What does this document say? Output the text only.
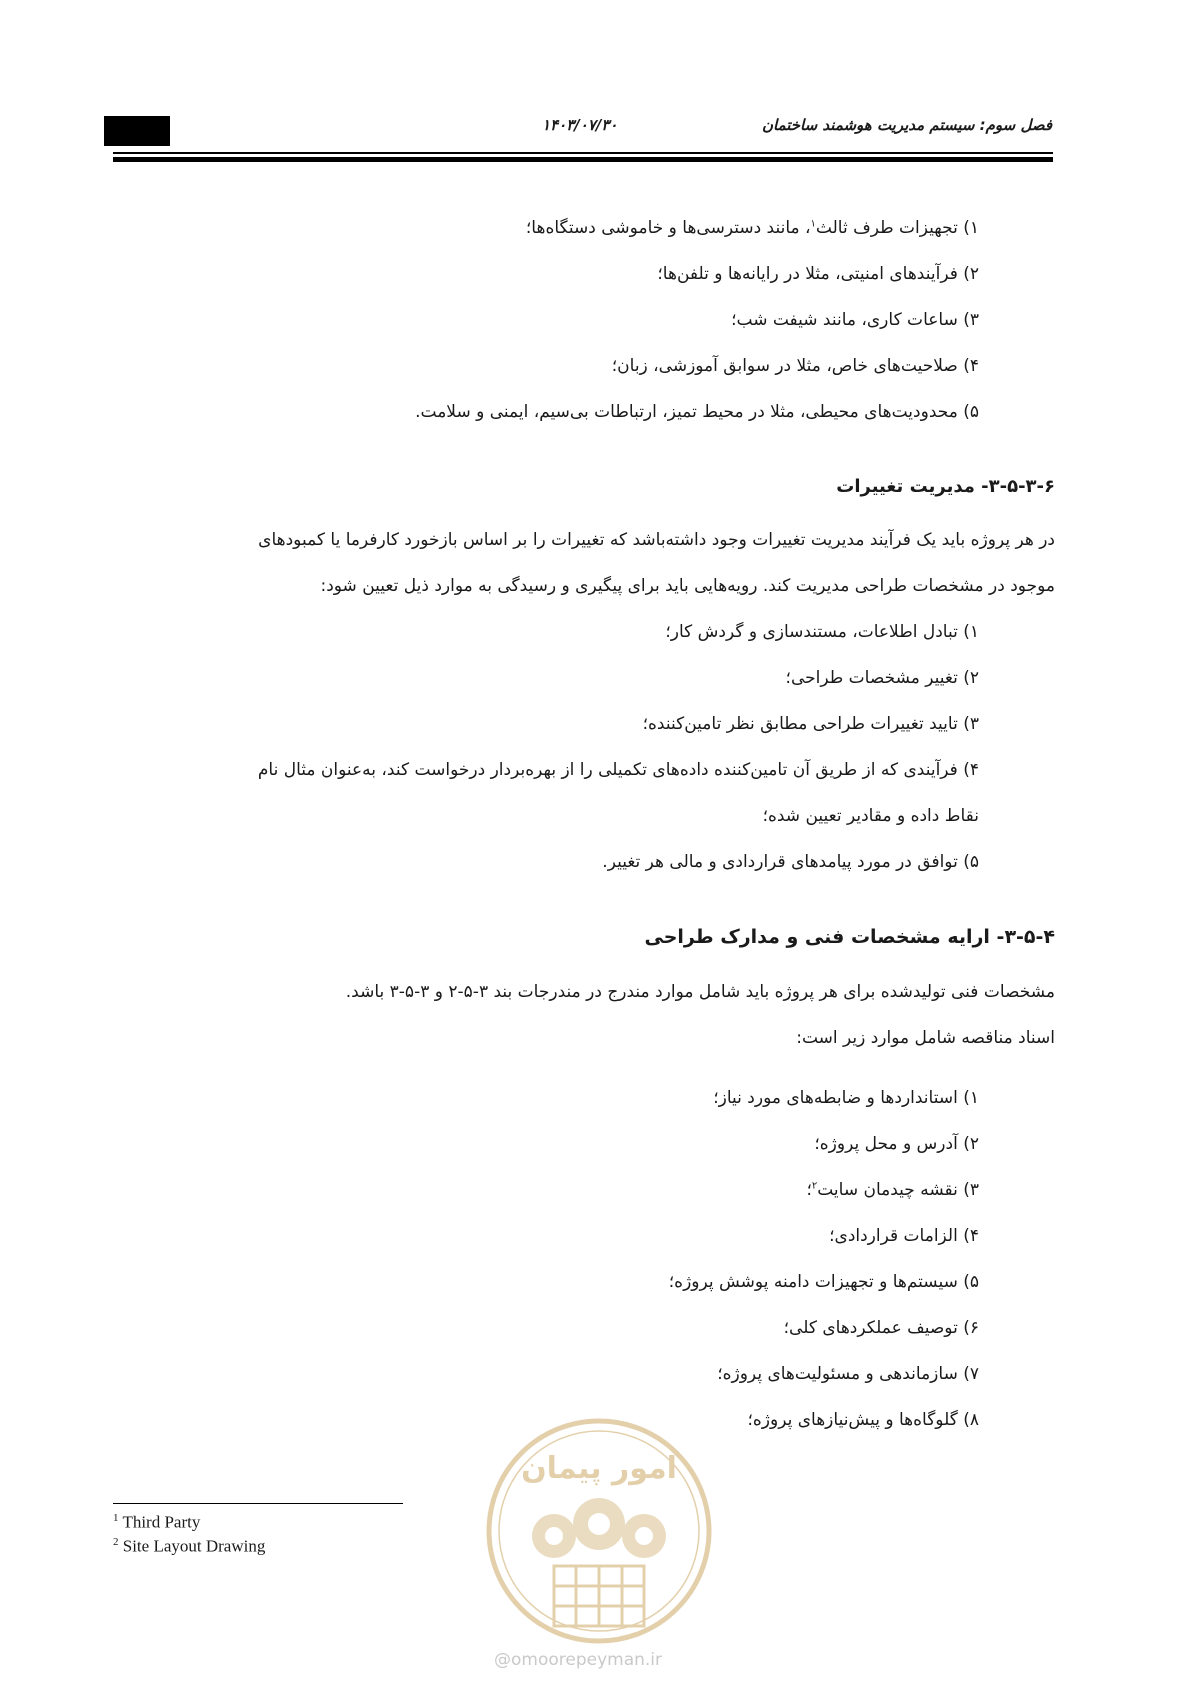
۱۴۰۳/۰۷/۳۰	فصل سوم: سیستم مدیریت هوشمند ساختمان
۱) تجهیزات طرف ثالث$^۱$، مانند دسترسی‌ها و خاموشی دستگاه‌ها؛
۲) فرآیندهای امنیتی، مثلا در رایانه‌ها و تلفن‌ها؛
۳) ساعات کاری، مانند شیفت شب؛
۴) صلاحیت‌های خاص، مثلا در سوابق آموزشی، زبان؛
۵) محدودیت‌های محیطی، مثلا در محیط تمیز، ارتباطات بی‌سیم، ایمنی و سلامت.
۳-۵-۳-۶- مدیریت تغییرات
در هر پروژه باید یک فرآیند مدیریت تغییرات وجود داشته‌باشد که تغییرات را بر اساس بازخورد کارفرما یا کمبودهای
موجود در مشخصات طراحی مدیریت کند. رویه‌هایی باید برای پیگیری و رسیدگی به موارد ذیل تعیین شود:
۱) تبادل اطلاعات، مستندسازی و گردش کار؛
۲) تغییر مشخصات طراحی؛
۳) تایید تغییرات طراحی مطابق نظر تامین‌کننده؛
۴) فرآیندی که از طریق آن تامین‌کننده داده‌های تکمیلی را از بهره‌بردار درخواست کند، به‌عنوان مثال نام
نقاط داده و مقادیر تعیین شده؛
۵) توافق در مورد پیامدهای قراردادی و مالی هر تغییر.
۳-۵-۴- ارایه مشخصات فنی و مدارک طراحی
مشخصات فنی تولیدشده برای هر پروژه باید شامل موارد مندرج در مندرجات بند ۳-۵-۲ و ۳-۵-۳ باشد.
اسناد مناقصه شامل موارد زیر است:
۱) استانداردها و ضابطه‌های مورد نیاز؛
۲) آدرس و محل پروژه؛
۳) نقشه چیدمان سایت$^۲$؛
۴) الزامات قراردادی؛
۵) سیستم‌ها و تجهیزات دامنه پوشش پروژه؛
۶) توصیف عملکردهای کلی؛
۷) سازماندهی و مسئولیت‌های پروژه؛
۸) گلوگاه‌ها و پیش‌نیازهای پروژه؛
امور پیمان
@omoorepeyman.ir
$^1$ Third Party
$^2$ Site Layout Drawing
